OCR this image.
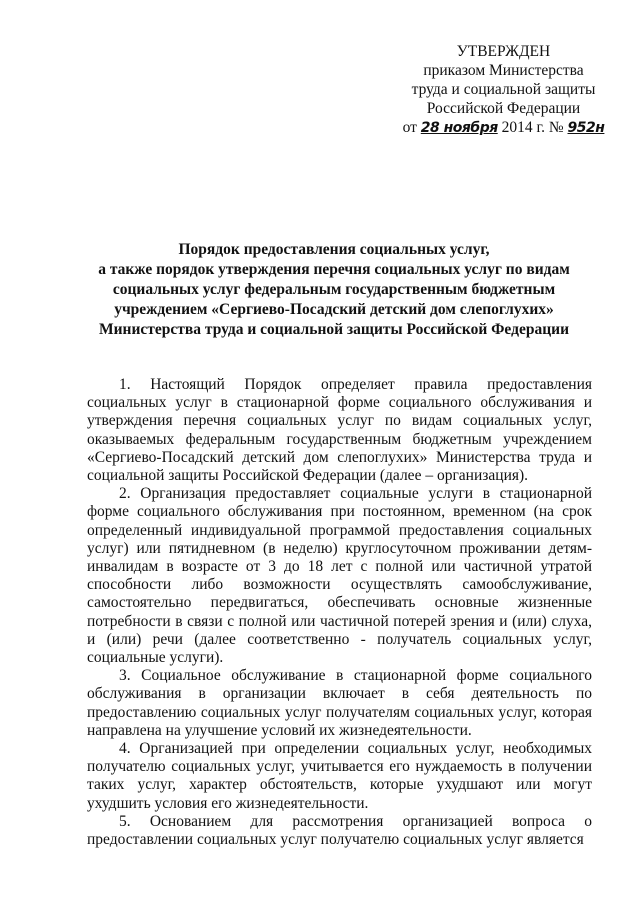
УТВЕРЖДЕН
приказом Министерства
труда и социальной защиты
Российской Федерации
от 28 ноября 2014 г. № 952н
Порядок предоставления социальных услуг,
а также порядок утверждения перечня социальных услуг по видам
социальных услуг федеральным государственным бюджетным
учреждением «Сергиево-Посадский детский дом слепоглухих»
Министерства труда и социальной защиты Российской Федерации

1. Настоящий Порядок определяет правила предоставления социальных услуг в стационарной форме социального обслуживания и утверждения перечня социальных услуг по видам социальных услуг, оказываемых федеральным государственным бюджетным учреждением «Сергиево-Посадский детский дом слепоглухих» Министерства труда и социальной защиты Российской Федерации (далее – организация).

2. Организация предоставляет социальные услуги в стационарной форме социального обслуживания при постоянном, временном (на срок определенный индивидуальной программой предоставления социальных услуг) или пятидневном (в неделю) круглосуточном проживании детям-инвалидам в возрасте от 3 до 18 лет с полной или частичной утратой способности либо возможности осуществлять самообслуживание, самостоятельно передвигаться, обеспечивать основные жизненные потребности в связи с полной или частичной потерей зрения и (или) слуха, и (или) речи (далее соответственно - получатель социальных услуг, социальные услуги).

3. Социальное обслуживание в стационарной форме социального обслуживания в организации включает в себя деятельность по предоставлению социальных услуг получателям социальных услуг, которая направлена на улучшение условий их жизнедеятельности.

4. Организацией при определении социальных услуг, необходимых получателю социальных услуг, учитывается его нуждаемость в получении таких услуг, характер обстоятельств, которые ухудшают или могут ухудшить условия его жизнедеятельности.

5. Основанием для рассмотрения организацией вопроса о предоставлении социальных услуг получателю социальных услуг является
